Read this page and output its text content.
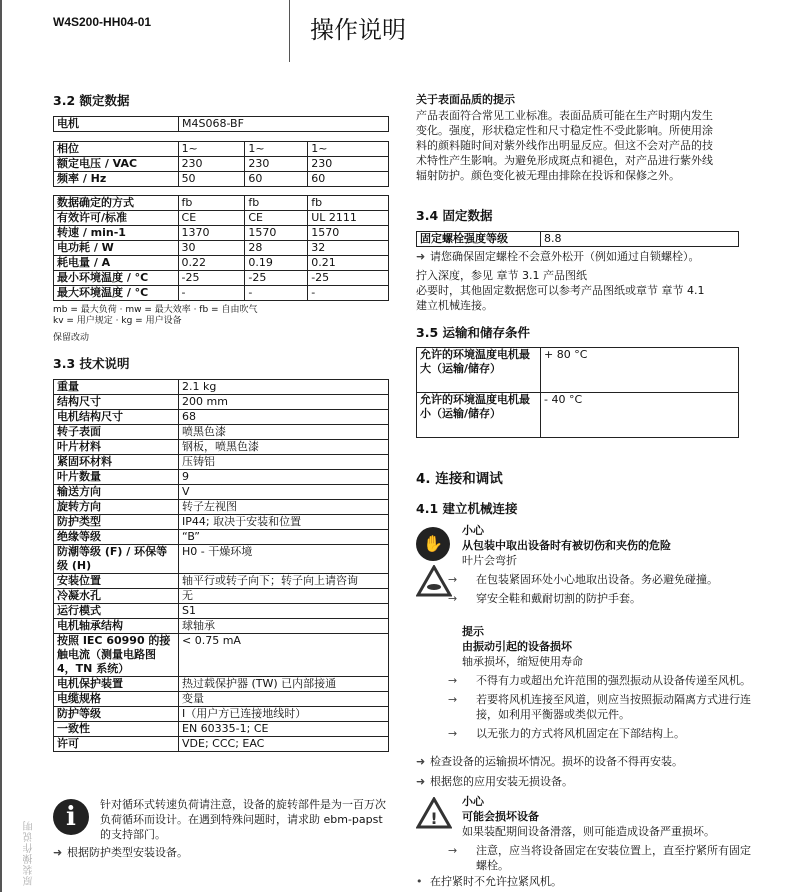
W4S200-HH04-01	操作说明
原装操作说明
3.2 额定数据
电机	M4S068-BF
相位	1~	1~	1~
额定电压 / VAC	230	230	230
频率 / Hz	50	60	60
数据确定的方式	fb	fb	fb
有效许可/标准	CE	CE	UL 2111
转速 / min-1	1370	1570	1570
电功耗 / W	30	28	32
耗电量 / A	0.22	0.19	0.21
最小环境温度 / °C	-25	-25	-25
最大环境温度 / °C	-	-	-
mb = 最大负荷 · mw = 最大效率 · fb = 自由吹气
kv = 用户规定 · kg = 用户设备
保留改动
3.3 技术说明
重量	2.1 kg
结构尺寸	200 mm
电机结构尺寸	68
转子表面	喷黑色漆
叶片材料	钢板，喷黑色漆
紧固环材料	压铸铝
叶片数量	9
输送方向	V
旋转方向	转子左视图
防护类型	IP44; 取决于安装和位置
绝缘等级	“B”
防潮等级 (F) / 环保等级 (H)	H0 - 干燥环境
安装位置	轴平行或转子向下；转子向上请咨询
冷凝水孔	无
运行模式	S1
电机轴承结构	球轴承
按照 IEC 60990 的接触电流（测量电路图 4，TN 系统）	< 0.75 mA
电机保护装置	热过载保护器 (TW) 已内部接通
电缆规格	变量
防护等级	I（用户方已连接地线时）
一致性	EN 60335-1; CE
许可	VDE; CCC; EAC
i	针对循环式转速负荷请注意，设备的旋转部件是为一百万次负荷循环而设计。在遇到特殊问题时，请求助 ebm-papst 的支持部门。
➜ 根据防护类型安装设备。
关于表面品质的提示
产品表面符合常见工业标准。表面品质可能在生产时期内发生变化。强度，形状稳定性和尺寸稳定性不受此影响。所使用涂料的颜料随时间对紫外线作出明显反应。但这不会对产品的技术特性产生影响。为避免形成斑点和褪色，对产品进行紫外线辐射防护。颜色变化被无理由排除在投诉和保修之外。
3.4 固定数据
固定螺栓强度等级	8.8
➜ 请您确保固定螺栓不会意外松开（例如通过自锁螺栓）。
拧入深度，参见 章节 3.1 产品图纸
必要时，其他固定数据您可以参考产品图纸或章节 章节 4.1 建立机械连接。
3.5 运输和储存条件
允许的环境温度电机最大（运输/储存）	+ 80 °C
允许的环境温度电机最小（运输/储存）	- 40 °C
4. 连接和调试
4.1 建立机械连接
✋
小心
从包装中取出设备时有被切伤和夹伤的危险
叶片会弯折
→ 在包装紧固环处小心地取出设备。务必避免碰撞。
→ 穿安全鞋和戴耐切割的防护手套。
提示
由振动引起的设备损坏
轴承损坏，缩短使用寿命
→ 不得有力或超出允许范围的强烈振动从设备传递至风机。
→ 若要将风机连接至风道，则应当按照振动隔离方式进行连接，如利用平衡器或类似元件。
→ 以无张力的方式将风机固定在下部结构上。
➜ 检查设备的运输损坏情况。损坏的设备不得再安装。
➜ 根据您的应用安装无损设备。
!
小心
可能会损坏设备
如果装配期间设备滑落，则可能造成设备严重损坏。
→ 注意，应当将设备固定在安装位置上，直至拧紧所有固定螺栓。
• 在拧紧时不允许拉紧风机。
